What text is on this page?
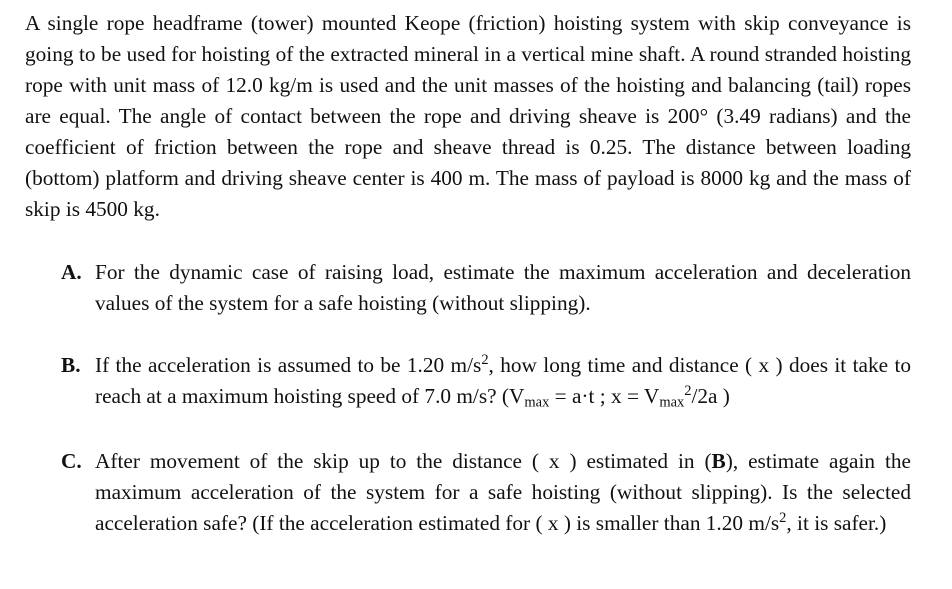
A single rope headframe (tower) mounted Keope (friction) hoisting system with skip conveyance is going to be used for hoisting of the extracted mineral in a vertical mine shaft. A round stranded hoisting rope with unit mass of 12.0 kg/m is used and the unit masses of the hoisting and balancing (tail) ropes are equal. The angle of contact between the rope and driving sheave is 200° (3.49 radians) and the coefficient of friction between the rope and sheave thread is 0.25. The distance between loading (bottom) platform and driving sheave center is 400 m. The mass of payload is 8000 kg and the mass of skip is 4500 kg.

A. For the dynamic case of raising load, estimate the maximum acceleration and deceleration values of the system for a safe hoisting (without slipping).
B. If the acceleration is assumed to be 1.20 $m/s^2$, how long time and distance ( x ) does it take to reach at a maximum hoisting speed of 7.0 m/s? ($V_{max} = a\cdot t$ ; $x = V_{max}^2/2a$ )
C. After movement of the skip up to the distance ( x ) estimated in (B), estimate again the maximum acceleration of the system for a safe hoisting (without slipping). Is the selected acceleration safe? (If the acceleration estimated for ( x ) is smaller than 1.20 $m/s^2$, it is safer.)
